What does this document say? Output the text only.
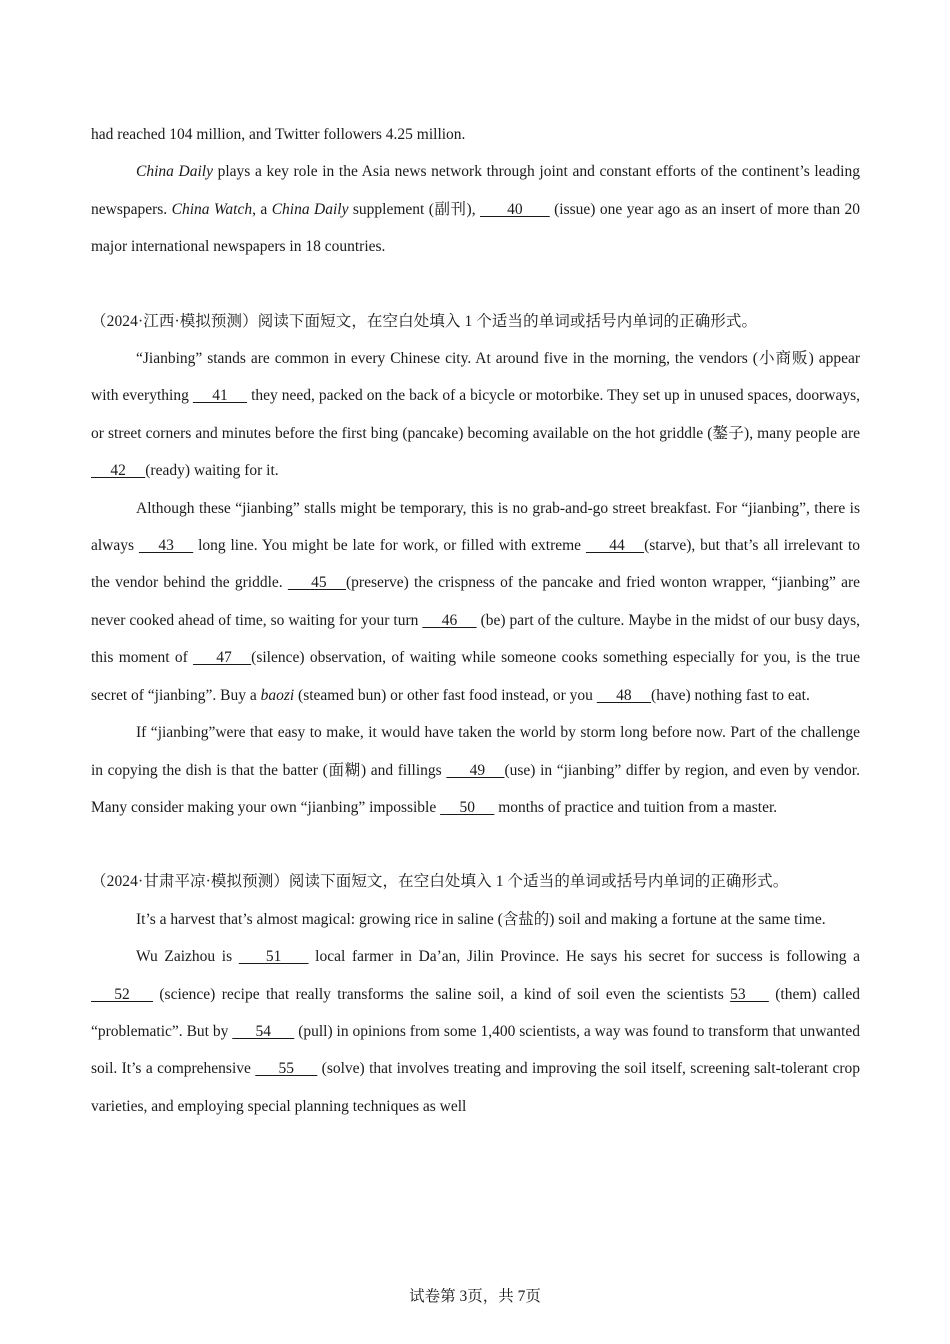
had reached 104 million, and Twitter followers 4.25 million.

China Daily plays a key role in the Asia news network through joint and constant efforts of the continent’s leading newspapers. China Watch, a China Daily supplement (副刊),        40        (issue) one year ago as an insert of more than 20 major international newspapers in 18 countries.

（2024·江西·模拟预测）阅读下面短文，在空白处填入 1 个适当的单词或括号内单词的正确形式。

“Jianbing” stands are common in every Chinese city. At around five in the morning, the vendors (小商贩) appear with everything      41      they need, packed on the back of a bicycle or motorbike. They set up in unused spaces, doorways, or street corners and minutes before the first bing (pancake) becoming available on the hot griddle (鏊子), many people are      42     (ready) waiting for it.

Although these “jianbing” stalls might be temporary, this is no grab-and-go street breakfast. For “jianbing”, there is always      43      long line. You might be late for work, or filled with extreme       44     (starve), but that’s all irrelevant to the vendor behind the griddle.       45     (preserve) the crispness of the pancake and fried wonton wrapper, “jianbing” are never cooked ahead of time, so waiting for your turn      46      (be) part of the culture. Maybe in the midst of our busy days, this moment of       47     (silence) observation, of waiting while someone cooks something especially for you, is the true secret of “jianbing”. Buy a baozi (steamed bun) or other fast food instead, or you      48     (have) nothing fast to eat.

If “jianbing”were that easy to make, it would have taken the world by storm long before now. Part of the challenge in copying the dish is that the batter (面糊) and fillings       49     (use) in “jianbing” differ by region, and even by vendor. Many consider making your own “jianbing” impossible      50      months of practice and tuition from a master.

（2024·甘肃平凉·模拟预测）阅读下面短文，在空白处填入 1 个适当的单词或括号内单词的正确形式。

It’s a harvest that’s almost magical: growing rice in saline (含盐的) soil and making a fortune at the same time.

Wu Zaizhou is        51        local farmer in Da’an, Jilin Province. He says his secret for success is following a       52       (science) recipe that really transforms the saline soil, a kind of soil even the scientists 53       (them) called “problematic”. But by       54       (pull) in opinions from some 1,400 scientists, a way was found to transform that unwanted soil. It’s a comprehensive       55       (solve) that involves treating and improving the soil itself, screening salt-tolerant crop varieties, and employing special planning techniques as well

试卷第 3页，共 7页
